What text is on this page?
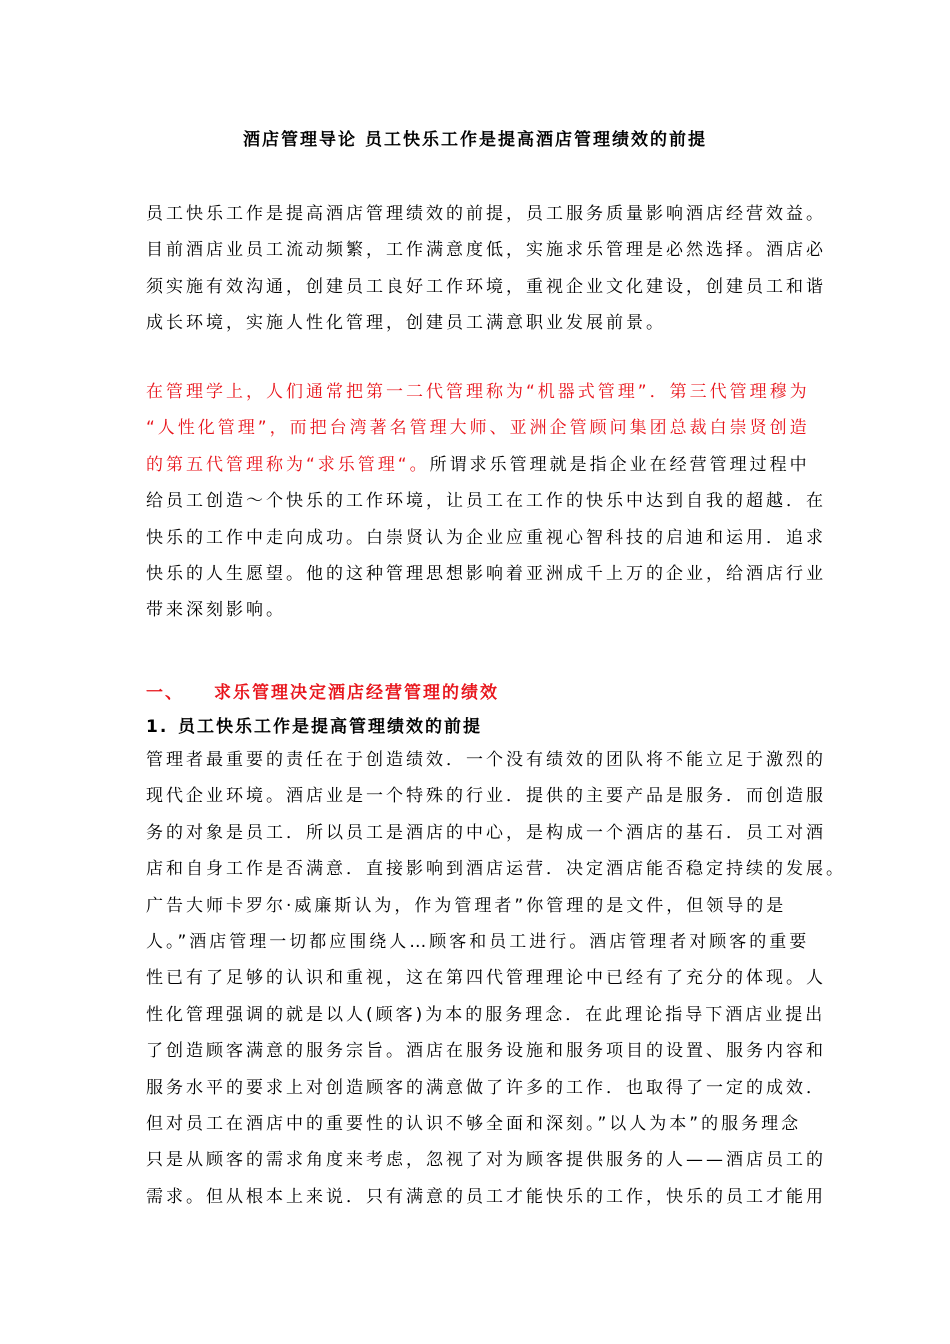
酒店管理导论 员工快乐工作是提高酒店管理绩效的前提
员工快乐工作是提高酒店管理绩效的前提，员工服务质量影响酒店经营效益。
目前酒店业员工流动频繁，工作满意度低，实施求乐管理是必然选择。酒店必
须实施有效沟通，创建员工良好工作环境，重视企业文化建设，创建员工和谐
成长环境，实施人性化管理，创建员工满意职业发展前景。
在管理学上，人们通常把第一二代管理称为“机器式管理”．第三代管理穆为
“人性化管理”，而把台湾著名管理大师、亚洲企管顾问集团总裁白崇贤创造
的第五代管理称为“求乐管理“。所谓求乐管理就是指企业在经营管理过程中
给员工创造～个快乐的工作环境，让员工在工作的快乐中达到自我的超越．在
快乐的工作中走向成功。白崇贤认为企业应重视心智科技的启迪和运用．追求
快乐的人生愿望。他的这种管理思想影响着亚洲成千上万的企业，给酒店行业
带来深刻影响。
一、 求乐管理决定酒店经营管理的绩效
1. 员工快乐工作是提高管理绩效的前提
管理者最重要的责任在于创造绩效．一个没有绩效的团队将不能立足于激烈的
现代企业环境。酒店业是一个特殊的行业．提供的主要产品是服务．而创造服
务的对象是员工．所以员工是酒店的中心，是构成一个酒店的基石．员工对酒
店和自身工作是否满意．直接影响到酒店运营．决定酒店能否稳定持续的发展。
广告大师卡罗尔·威廉斯认为，作为管理者”你管理的是文件，但领导的是
人。”酒店管理一切都应围绕人…顾客和员工进行。酒店管理者对顾客的重要
性已有了足够的认识和重视，这在第四代管理理论中已经有了充分的体现。人
性化管理强调的就是以人(顾客)为本的服务理念．在此理论指导下酒店业提出
了创造顾客满意的服务宗旨。酒店在服务设施和服务项目的设置、服务内容和
服务水平的要求上对创造顾客的满意做了许多的工作．也取得了一定的成效．
但对员工在酒店中的重要性的认识不够全面和深刻。”以人为本”的服务理念
只是从顾客的需求角度来考虑，忽视了对为顾客提供服务的人——酒店员工的
需求。但从根本上来说．只有满意的员工才能快乐的工作，快乐的员工才能用
